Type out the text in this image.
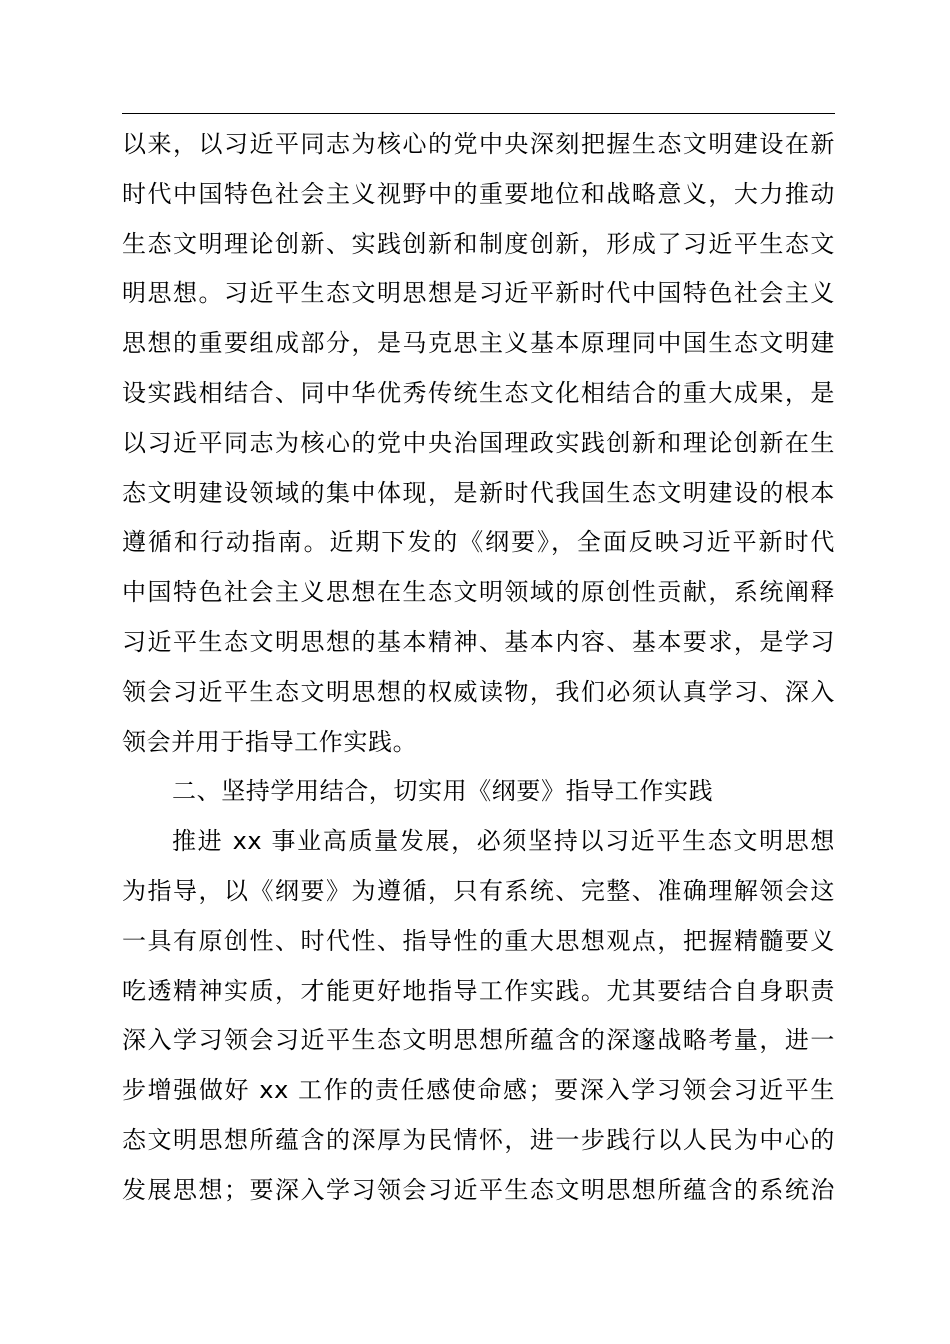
以来，以习近平同志为核心的党中央深刻把握生态文明建设在新
时代中国特色社会主义视野中的重要地位和战略意义，大力推动
生态文明理论创新、实践创新和制度创新，形成了习近平生态文
明思想。习近平生态文明思想是习近平新时代中国特色社会主义
思想的重要组成部分，是马克思主义基本原理同中国生态文明建
设实践相结合、同中华优秀传统生态文化相结合的重大成果，是
以习近平同志为核心的党中央治国理政实践创新和理论创新在生
态文明建设领域的集中体现，是新时代我国生态文明建设的根本
遵循和行动指南。近期下发的《纲要》，全面反映习近平新时代
中国特色社会主义思想在生态文明领域的原创性贡献，系统阐释
习近平生态文明思想的基本精神、基本内容、基本要求，是学习
领会习近平生态文明思想的权威读物，我们必须认真学习、深入
领会并用于指导工作实践。
二、坚持学用结合，切实用《纲要》指导工作实践
推进 xx 事业高质量发展，必须坚持以习近平生态文明思想
为指导，以《纲要》为遵循，只有系统、完整、准确理解领会这
一具有原创性、时代性、指导性的重大思想观点，把握精髓要义
吃透精神实质，才能更好地指导工作实践。尤其要结合自身职责
深入学习领会习近平生态文明思想所蕴含的深邃战略考量，进一
步增强做好 xx 工作的责任感使命感；要深入学习领会习近平生
态文明思想所蕴含的深厚为民情怀，进一步践行以人民为中心的
发展思想；要深入学习领会习近平生态文明思想所蕴含的系统治
